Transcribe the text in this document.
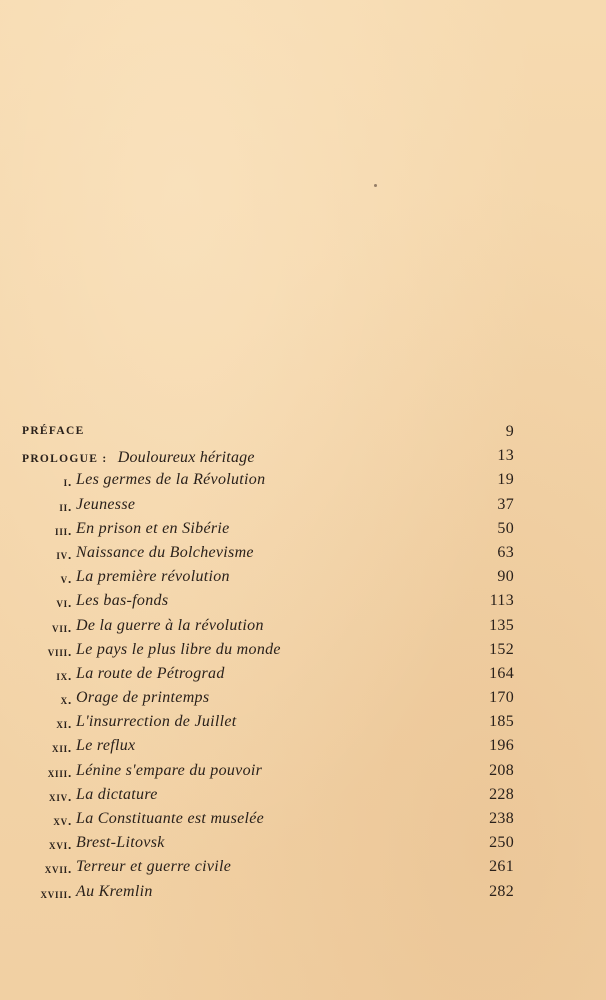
PRÉFACE	9
PROLOGUE : Douloureux héritage	13
i. Les germes de la Révolution	19
ii. Jeunesse	37
iii. En prison et en Sibérie	50
iv. Naissance du Bolchevisme	63
v. La première révolution	90
vi. Les bas-fonds	113
vii. De la guerre à la révolution	135
viii. Le pays le plus libre du monde	152
ix. La route de Pétrograd	164
x. Orage de printemps	170
xi. L'insurrection de Juillet	185
xii. Le reflux	196
xiii. Lénine s'empare du pouvoir	208
xiv. La dictature	228
xv. La Constituante est muselée	238
xvi. Brest-Litovsk	250
xvii. Terreur et guerre civile	261
xviii. Au Kremlin	282
